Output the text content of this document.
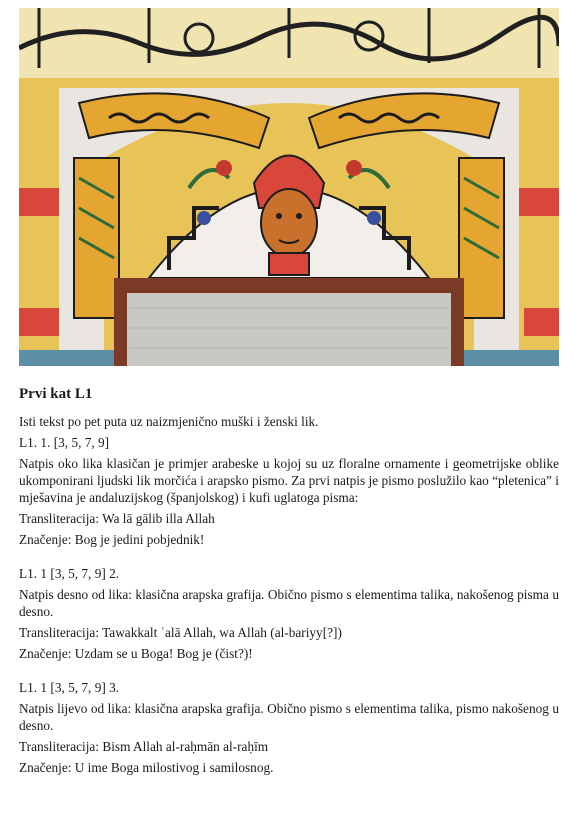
Prvi kat L1

Isti tekst po pet puta uz naizmjenično muški i ženski lik.

L1. 1. [3, 5, 7, 9]

Natpis oko lika klasičan je primjer arabeske u kojoj su uz floralne ornamente i geometrijske oblike ukomponirani ljudski lik morčića i arapsko pismo. Za prvi natpis je pismo poslužilo kao “pletenica” i mješavina je andaluzijskog (španjolskog) i kufi uglatoga pisma:

Transliteracija: Wa lā gālib illa Allah

Značenje: Bog je jedini pobjednik!

L1. 1 [3, 5, 7, 9] 2.

Natpis desno od lika: klasična arapska grafija. Obično pismo s elementima talika, nakošenog pisma u desno.

Transliteracija: Tawakkalt ʿalā Allah, wa Allah (al-bariyy[?])

Značenje: Uzdam se u Boga! Bog je (čist?)!

L1. 1 [3, 5, 7, 9] 3.

Natpis lijevo od lika: klasična arapska grafija. Obično pismo s elementima talika, pismo nakošenog u desno.

Transliteracija: Bism Allah al-raḥmān al-raḥīm

Značenje: U ime Boga milostivog i samilosnog.
